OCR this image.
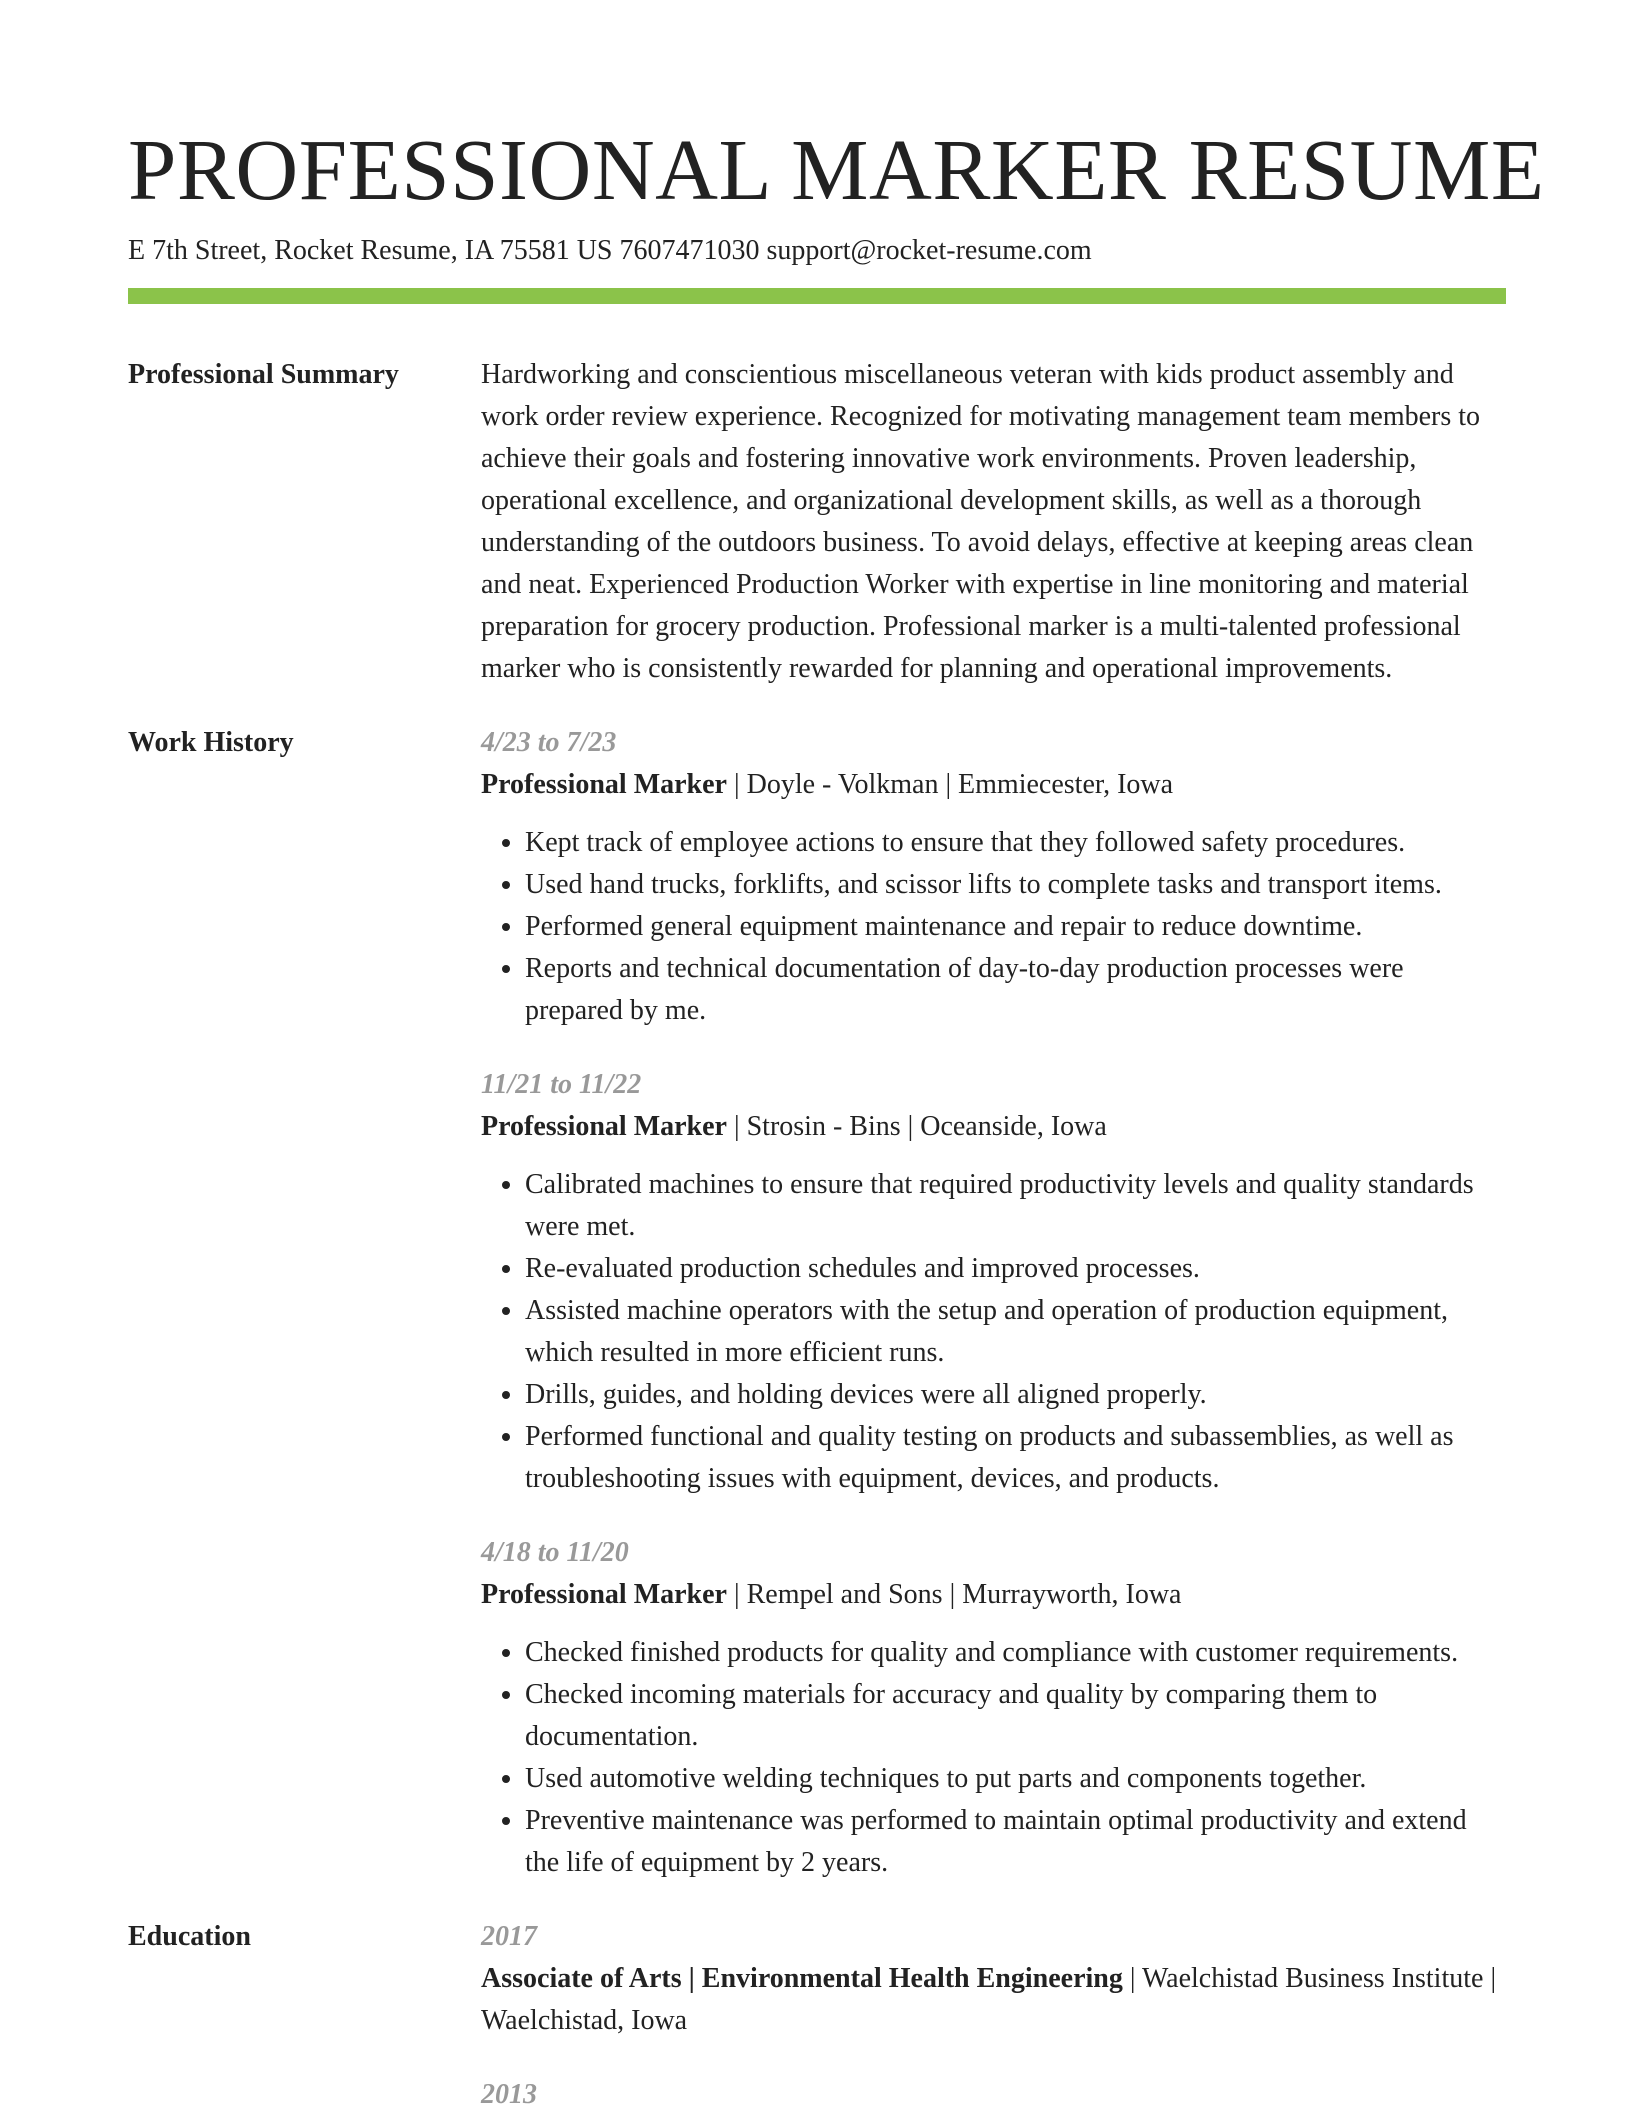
PROFESSIONAL MARKER RESUME
E 7th Street, Rocket Resume, IA 75581 US 7607471030 support@rocket-resume.com
Professional Summary	Hardworking and conscientious miscellaneous veteran with kids product assembly and work order review experience. Recognized for motivating management team members to achieve their goals and fostering innovative work environments. Proven leadership, operational excellence, and organizational development skills, as well as a thorough understanding of the outdoors business. To avoid delays, effective at keeping areas clean and neat. Experienced Production Worker with expertise in line monitoring and material preparation for grocery production. Professional marker is a multi-talented professional marker who is consistently rewarded for planning and operational improvements.
Work History	4/23 to 7/23
Professional Marker | Doyle - Volkman | Emmiecester, Iowa
• Kept track of employee actions to ensure that they followed safety procedures.
• Used hand trucks, forklifts, and scissor lifts to complete tasks and transport items.
• Performed general equipment maintenance and repair to reduce downtime.
• Reports and technical documentation of day-to-day production processes were prepared by me.
11/21 to 11/22
Professional Marker | Strosin - Bins | Oceanside, Iowa
• Calibrated machines to ensure that required productivity levels and quality standards were met.
• Re-evaluated production schedules and improved processes.
• Assisted machine operators with the setup and operation of production equipment, which resulted in more efficient runs.
• Drills, guides, and holding devices were all aligned properly.
• Performed functional and quality testing on products and subassemblies, as well as troubleshooting issues with equipment, devices, and products.
4/18 to 11/20
Professional Marker | Rempel and Sons | Murrayworth, Iowa
• Checked finished products for quality and compliance with customer requirements.
• Checked incoming materials for accuracy and quality by comparing them to documentation.
• Used automotive welding techniques to put parts and components together.
• Preventive maintenance was performed to maintain optimal productivity and extend the life of equipment by 2 years.
Education	2017
Associate of Arts | Environmental Health Engineering | Waelchistad Business Institute | Waelchistad, Iowa
2013
